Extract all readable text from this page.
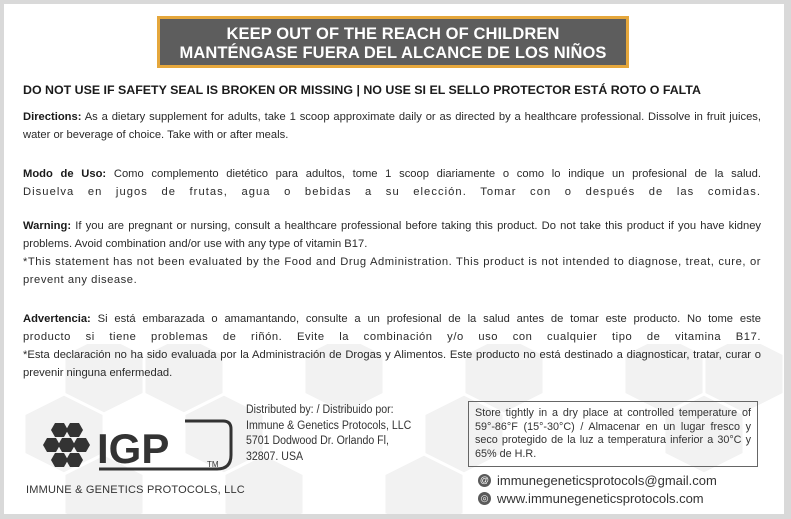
KEEP OUT OF THE REACH OF CHILDREN
MANTÉNGASE FUERA DEL ALCANCE DE LOS NIÑOS
DO NOT USE IF SAFETY SEAL IS BROKEN OR MISSING | NO USE SI EL SELLO PROTECTOR ESTÁ ROTO O FALTA
Directions: As a dietary supplement for adults, take 1 scoop approximate daily or as directed by a healthcare professional. Dissolve in fruit juices, water or beverage of choice. Take with or after meals.
Modo de Uso: Como complemento dietético para adultos, tome 1 scoop diariamente o como lo indique un profesional de la salud.
Disuelva en jugos de frutas, agua o bebidas a su elección. Tomar con o después de las comidas.
Warning: If you are pregnant or nursing, consult a healthcare professional before taking this product. Do not take this product if you have kidney problems. Avoid combination and/or use with any type of vitamin B17.
*This statement has not been evaluated by the Food and Drug Administration. This product is not intended to diagnose, treat, cure, or prevent any disease.
Advertencia: Si está embarazada o amamantando, consulte a un profesional de la salud antes de tomar este producto. No tome este
producto si tiene problemas de riñón. Evite la combinación y/o uso con cualquier tipo de vitamina B17.
*Esta declaración no ha sido evaluada por la Administración de Drogas y Alimentos. Este producto no está destinado a diagnosticar, tratar, curar o prevenir ninguna enfermedad.
Distributed by: / Distribuido por:
Immune & Genetics Protocols, LLC
5701 Dodwood Dr. Orlando Fl,
32807. USA
Store tightly in a dry place at controlled temperature of 59°-86°F (15°-30°C) / Almacenar en un lugar fresco y seco protegido de la luz a temperatura inferior a 30°C y 65% de H.R.
@ immunegeneticsprotocols@gmail.com
◎ www.immunegeneticsprotocols.com
IGP	TM
IMMUNE & GENETICS PROTOCOLS, LLC
